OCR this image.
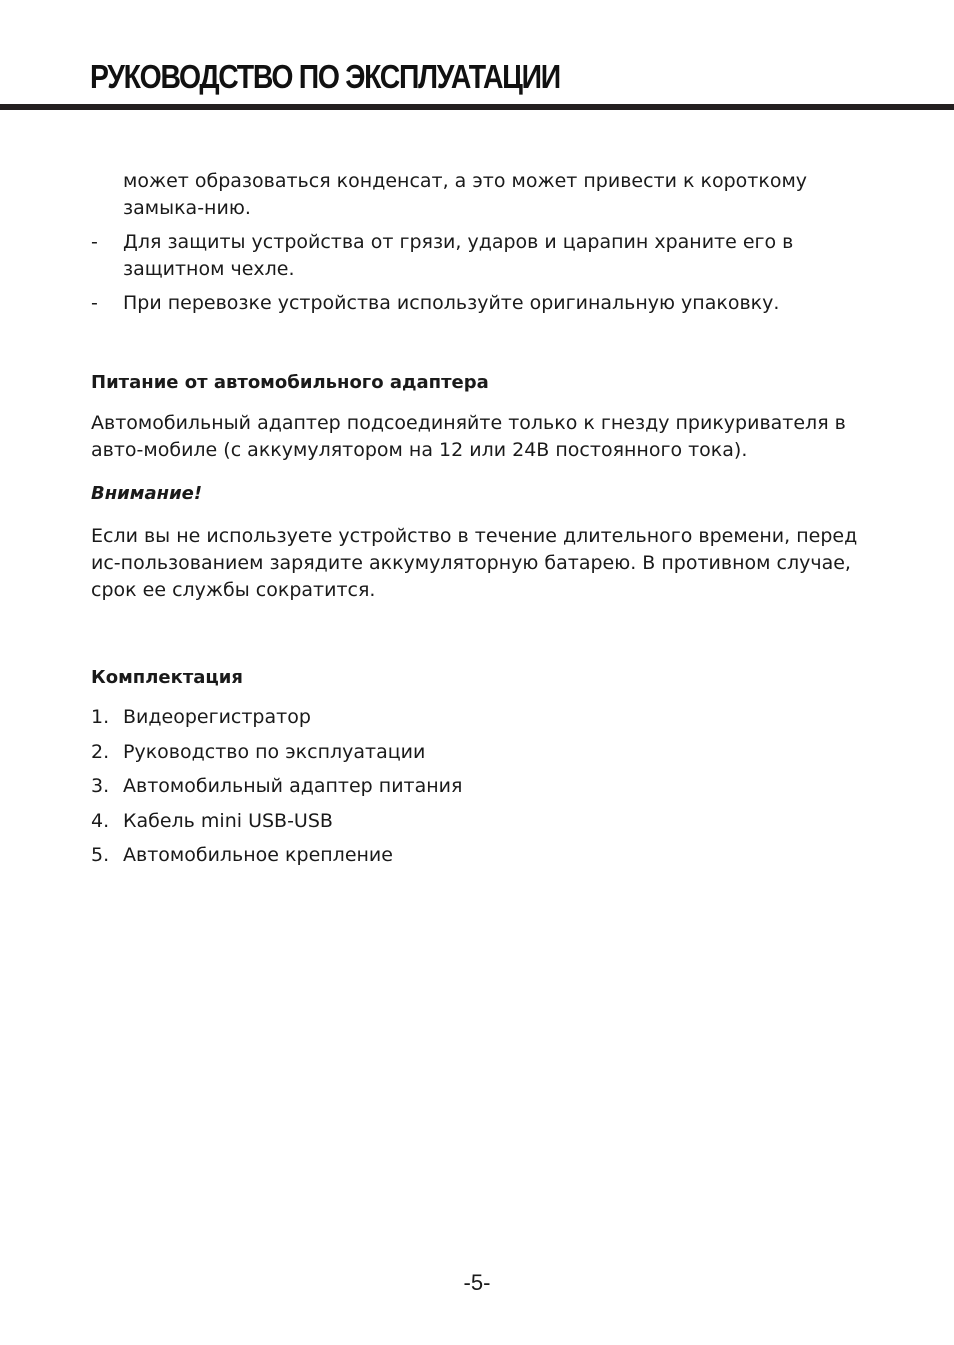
РУКОВОДСТВО ПО ЭКСПЛУАТАЦИИ

может образоваться конденсат, а это может привести к короткому замыка-нию.

- Для защиты устройства от грязи, ударов и царапин храните его в защитном чехле.
- При перевозке устройства используйте оригинальную упаковку.
Питание от автомобильного адаптера

Автомобильный адаптер подсоединяйте только к гнезду прикуривателя в авто-мобиле (с аккумулятором на 12 или 24В постоянного тока).

Внимание!

Если вы не используете устройство в течение длительного времени, перед ис-пользованием зарядите аккумуляторную батарею. В противном случае, срок ее службы сократится.

Комплектация
1. Видеорегистратор
2. Руководство по эксплуатации
3. Автомобильный адаптер питания
4. Кабель mini USB-USB
5. Автомобильное крепление
-5-
